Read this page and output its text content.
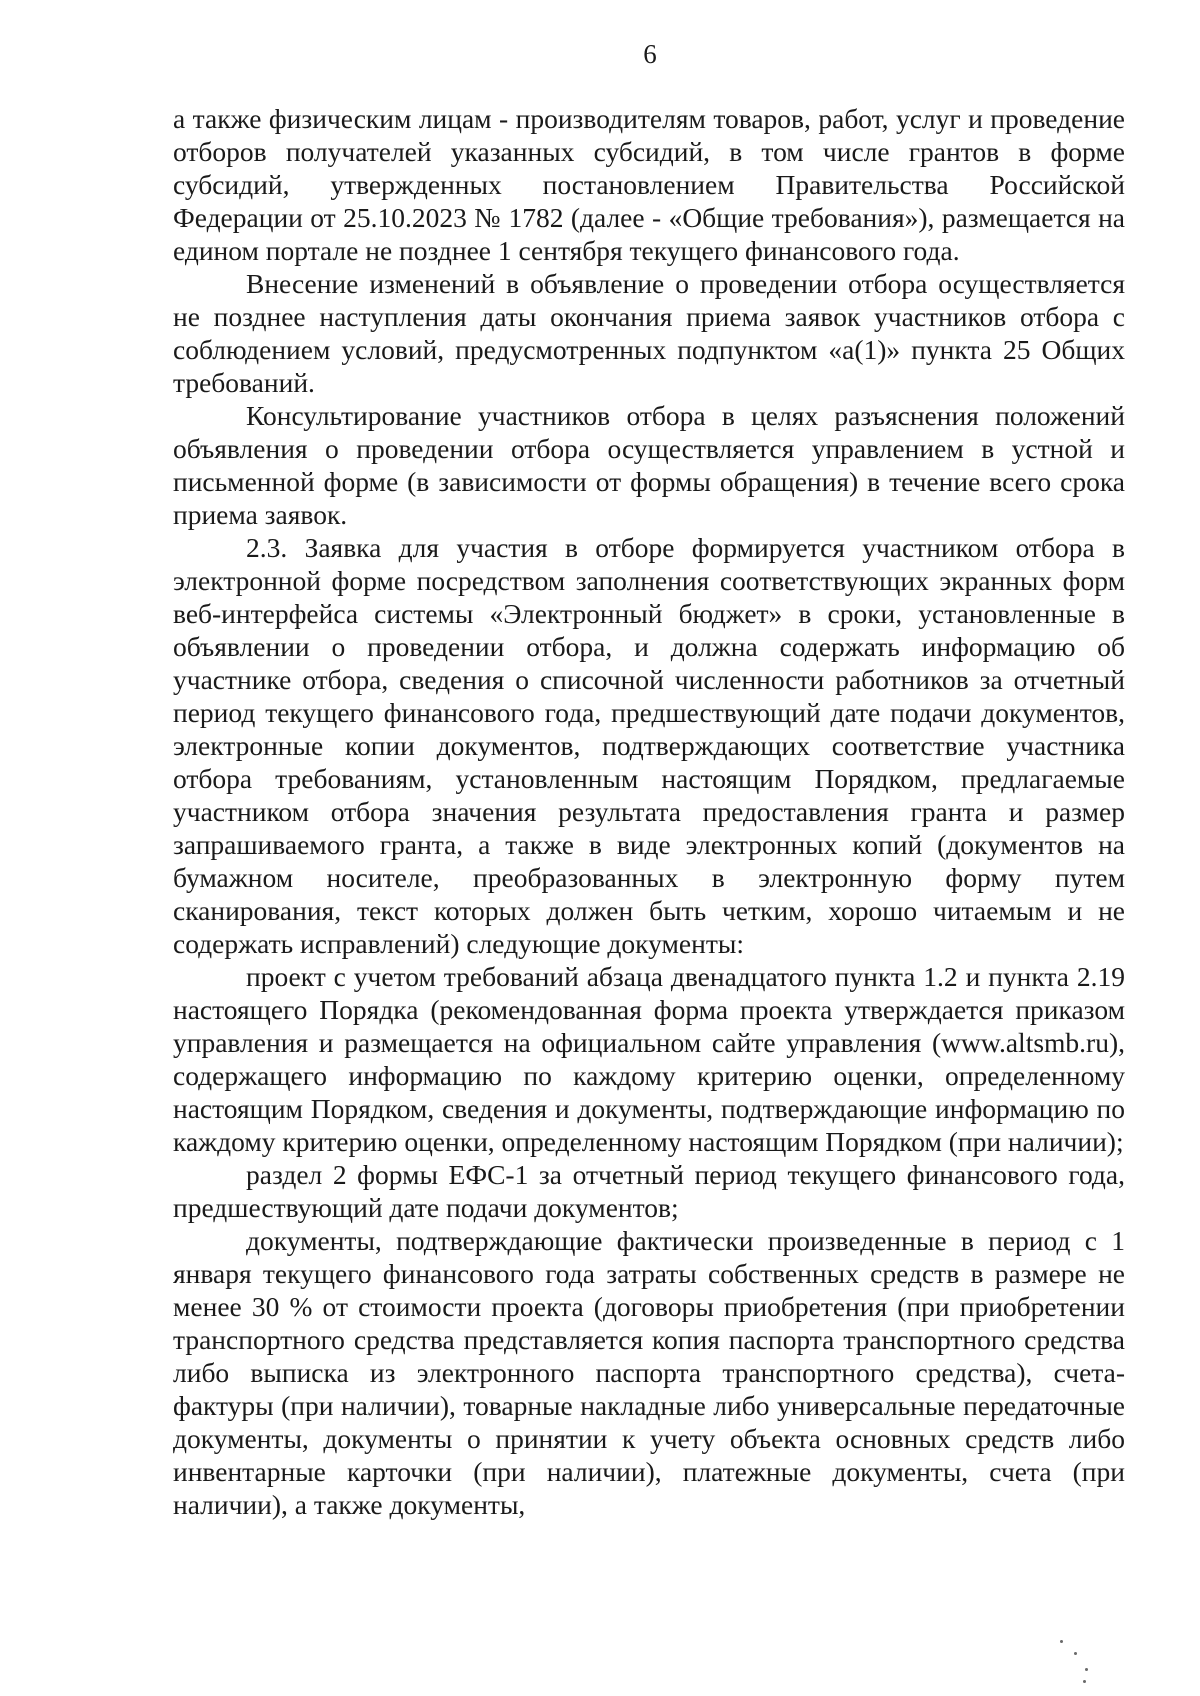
6

а также физическим лицам - производителям товаров, работ, услуг и проведение отборов получателей указанных субсидий, в том числе грантов в форме субсидий, утвержденных постановлением Правительства Российской Федерации от 25.10.2023 № 1782 (далее - «Общие требования»), размещается на едином портале не позднее 1 сентября текущего финансового года.

Внесение изменений в объявление о проведении отбора осуществляется не позднее наступления даты окончания приема заявок участников отбора с соблюдением условий, предусмотренных подпунктом «а(1)» пункта 25 Общих требований.

Консультирование участников отбора в целях разъяснения положений объявления о проведении отбора осуществляется управлением в устной и письменной форме (в зависимости от формы обращения) в течение всего срока приема заявок.

2.3. Заявка для участия в отборе формируется участником отбора в электронной форме посредством заполнения соответствующих экранных форм веб-интерфейса системы «Электронный бюджет» в сроки, установленные в объявлении о проведении отбора, и должна содержать информацию об участнике отбора, сведения о списочной численности работников за отчетный период текущего финансового года, предшествующий дате подачи документов, электронные копии документов, подтверждающих соответствие участника отбора требованиям, установленным настоящим Порядком, предлагаемые участником отбора значения результата предоставления гранта и размер запрашиваемого гранта, а также в виде электронных копий (документов на бумажном носителе, преобразованных в электронную форму путем сканирования, текст которых должен быть четким, хорошо читаемым и не содержать исправлений) следующие документы:

проект с учетом требований абзаца двенадцатого пункта 1.2 и пункта 2.19 настоящего Порядка (рекомендованная форма проекта утверждается приказом управления и размещается на официальном сайте управления (www.altsmb.ru), содержащего информацию по каждому критерию оценки, определенному настоящим Порядком, сведения и документы, подтверждающие информацию по каждому критерию оценки, определенному настоящим Порядком (при наличии);

раздел 2 формы ЕФС-1 за отчетный период текущего финансового года, предшествующий дате подачи документов;

документы, подтверждающие фактически произведенные в период с 1 января текущего финансового года затраты собственных средств в размере не менее 30 % от стоимости проекта (договоры приобретения (при приобретении транспортного средства представляется копия паспорта транспортного средства либо выписка из электронного паспорта транспортного средства), счета-фактуры (при наличии), товарные накладные либо универсальные передаточные документы, документы о принятии к учету объекта основных средств либо инвентарные карточки (при наличии), платежные документы, счета (при наличии), а также документы,
